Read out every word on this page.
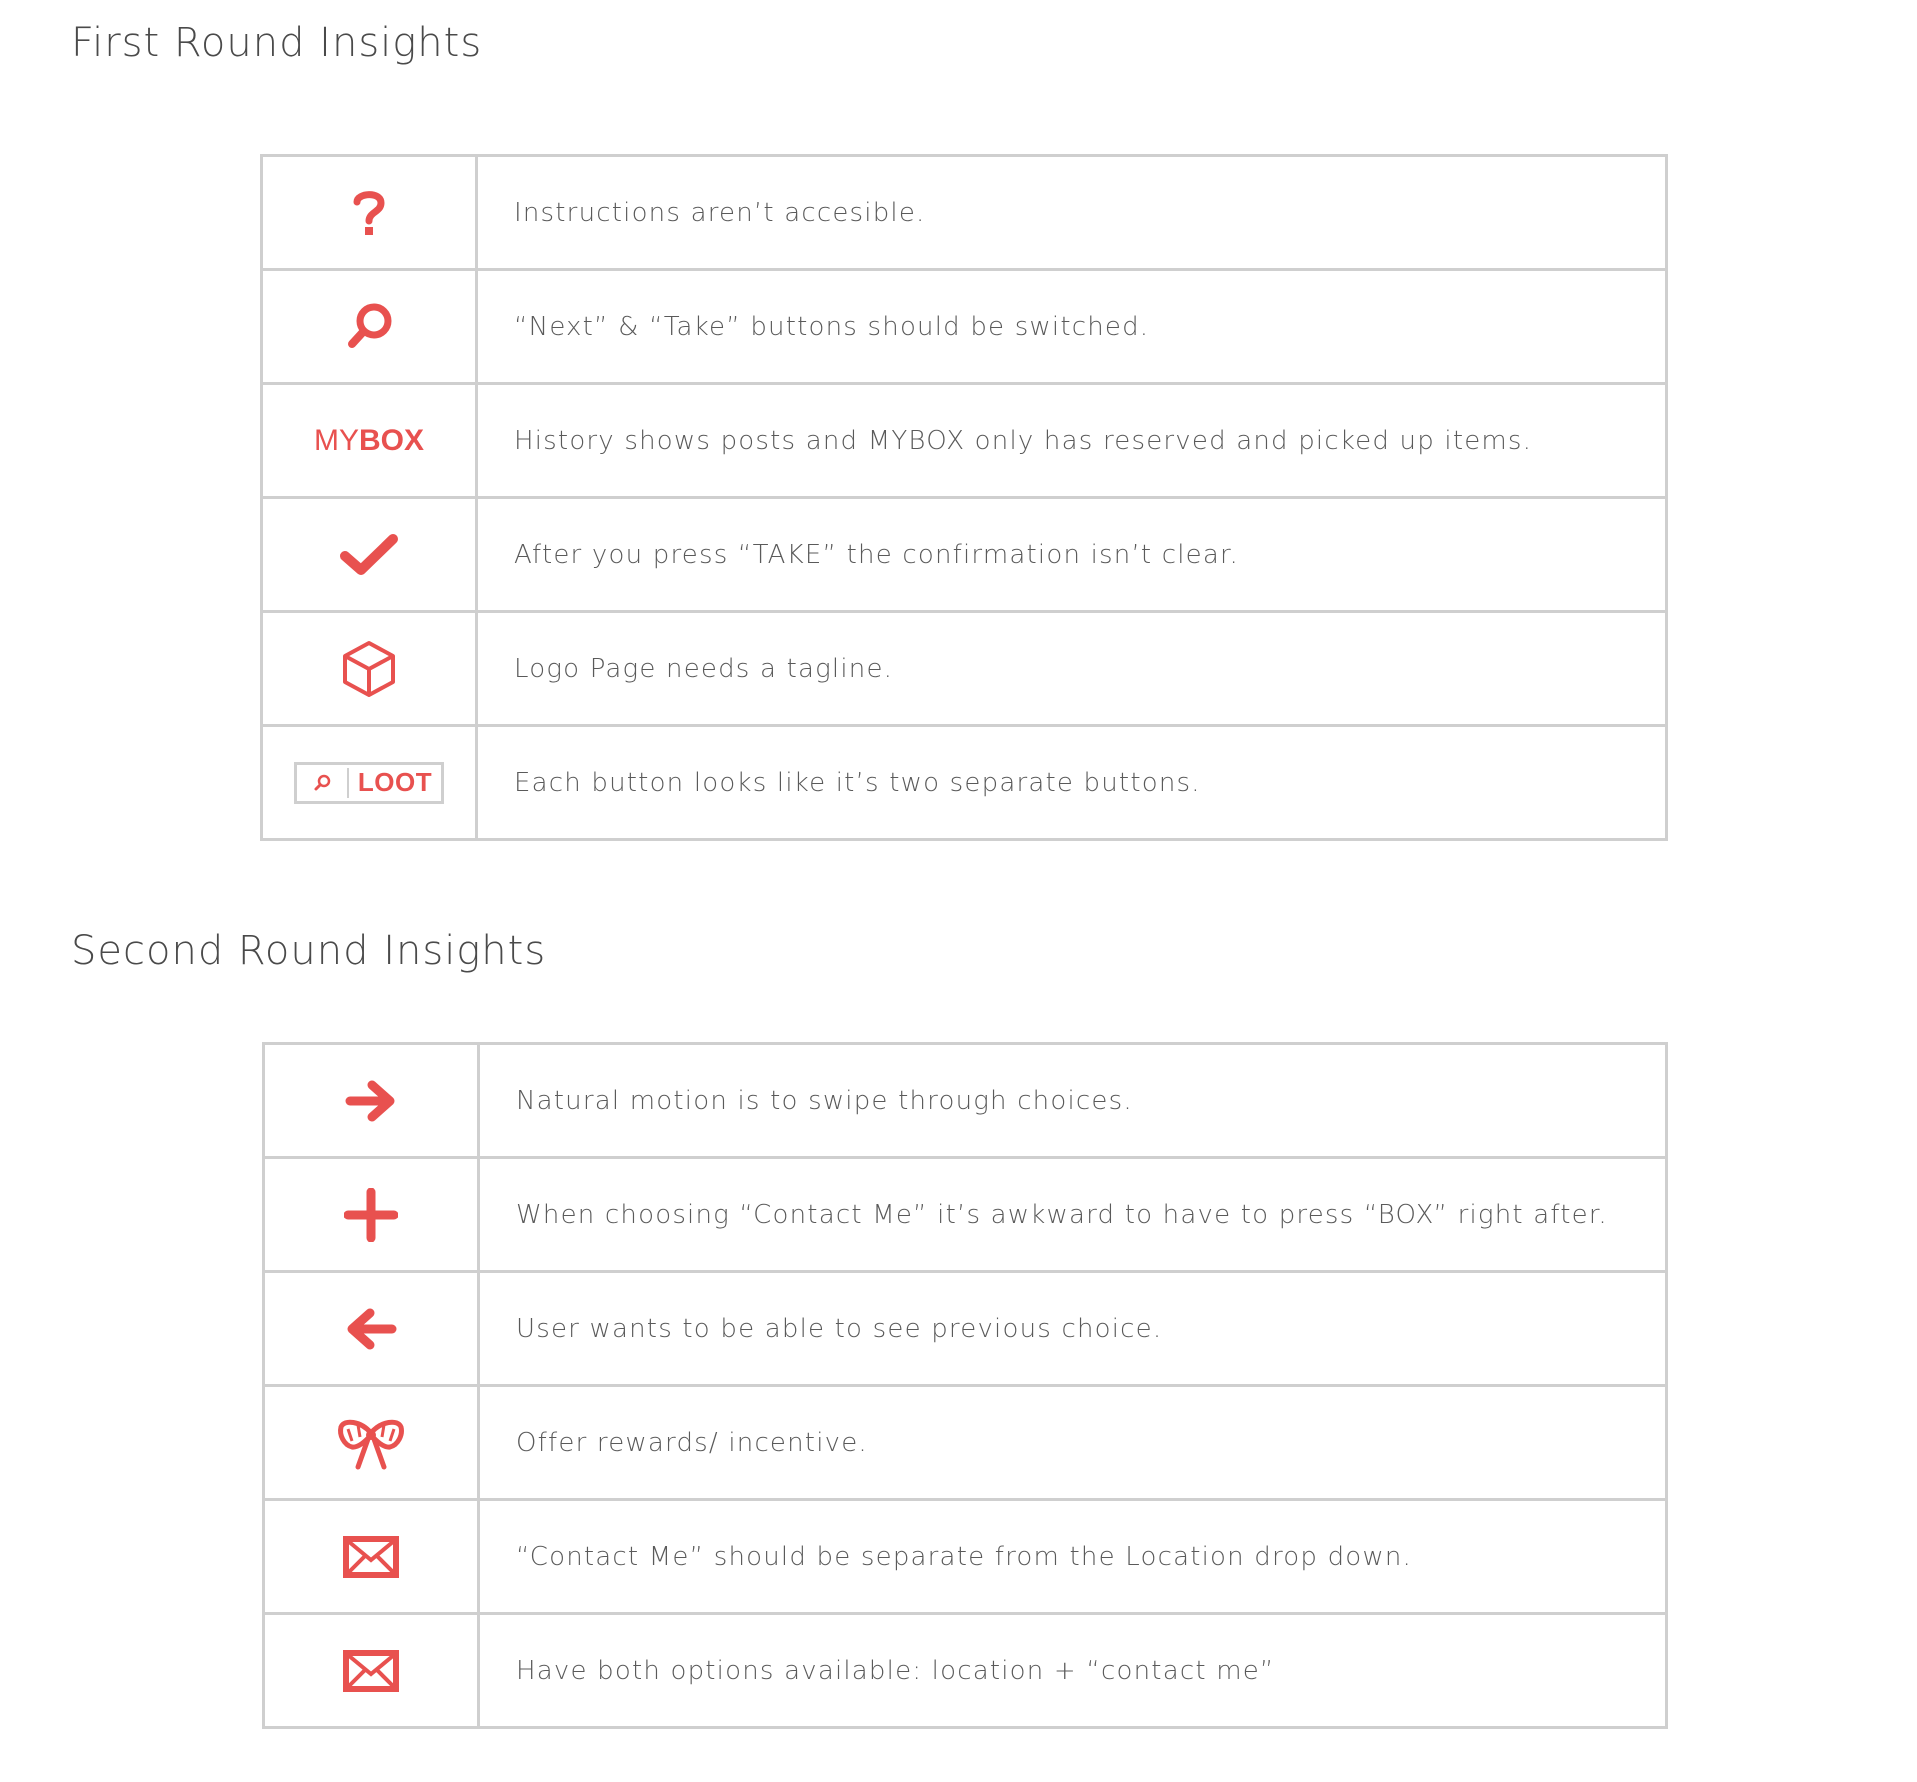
First Round Insights
	Instructions aren’t accesible.
	“Next” & “Take” buttons should be switched.
MYBOX	History shows posts and MYBOX only has reserved and picked up items.
	After you press “TAKE” the confirmation isn’t clear.
	Logo Page needs a tagline.

LOOT	Each button looks like it’s two separate buttons.
Second Round Insights
	Natural motion is to swipe through choices.
	When choosing “Contact Me” it’s awkward to have to press “BOX” right after.
	User wants to be able to see previous choice.
	Offer rewards/ incentive.
	“Contact Me” should be separate from the Location drop down.
	Have both options available: location + “contact me”
